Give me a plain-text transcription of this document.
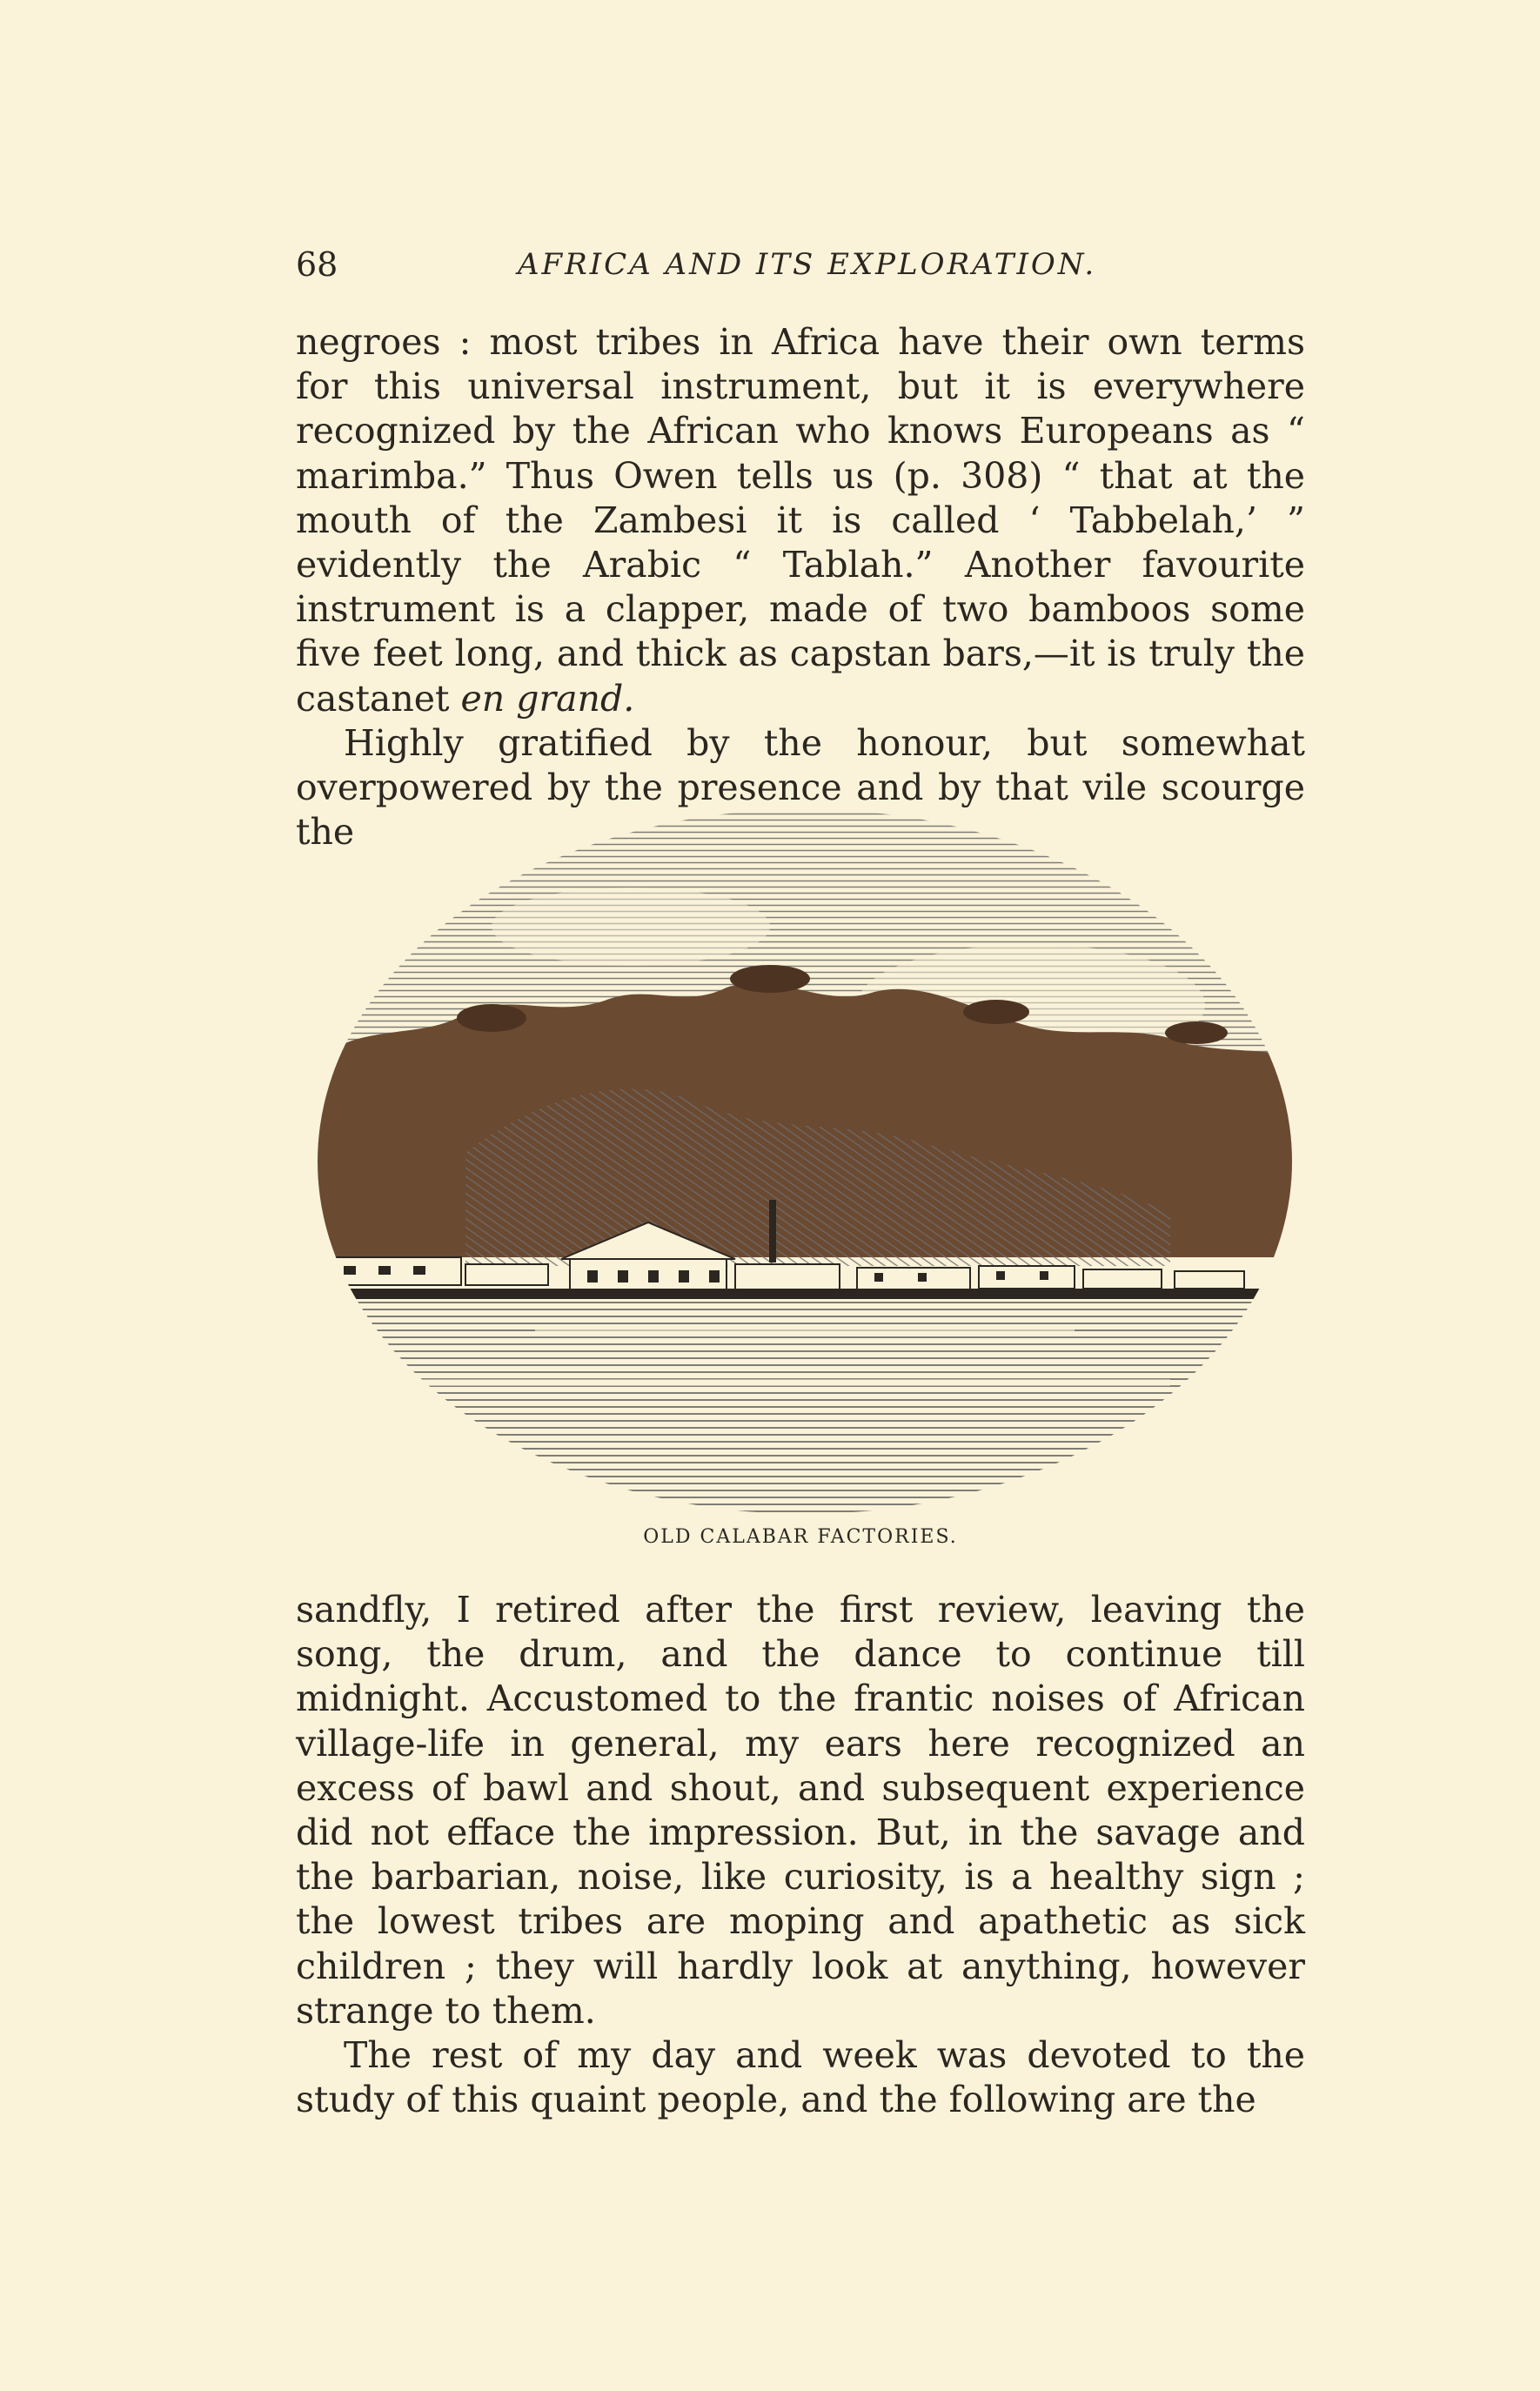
68	AFRICA AND ITS EXPLORATION.

negroes : most tribes in Africa have their own terms for this universal instrument, but it is everywhere recognized by the African who knows Europeans as “ marimba.” Thus Owen tells us (p. 308) “ that at the mouth of the Zambesi it is called ‘ Tabbelah,’ ” evidently the Arabic “ Tablah.” Another favourite instrument is a clapper, made of two bamboos some five feet long, and thick as capstan bars,—it is truly the castanet en grand.

Highly gratified by the honour, but somewhat overpowered by the presence and by that vile scourge the

OLD CALABAR FACTORIES.

sandfly, I retired after the first review, leaving the song, the drum, and the dance to continue till midnight. Accustomed to the frantic noises of African village-life in general, my ears here recognized an excess of bawl and shout, and subsequent experience did not efface the impression. But, in the savage and the barbarian, noise, like curiosity, is a healthy sign ; the lowest tribes are moping and apathetic as sick children ; they will hardly look at anything, however strange to them.

The rest of my day and week was devoted to the study of this quaint people, and the following are the
